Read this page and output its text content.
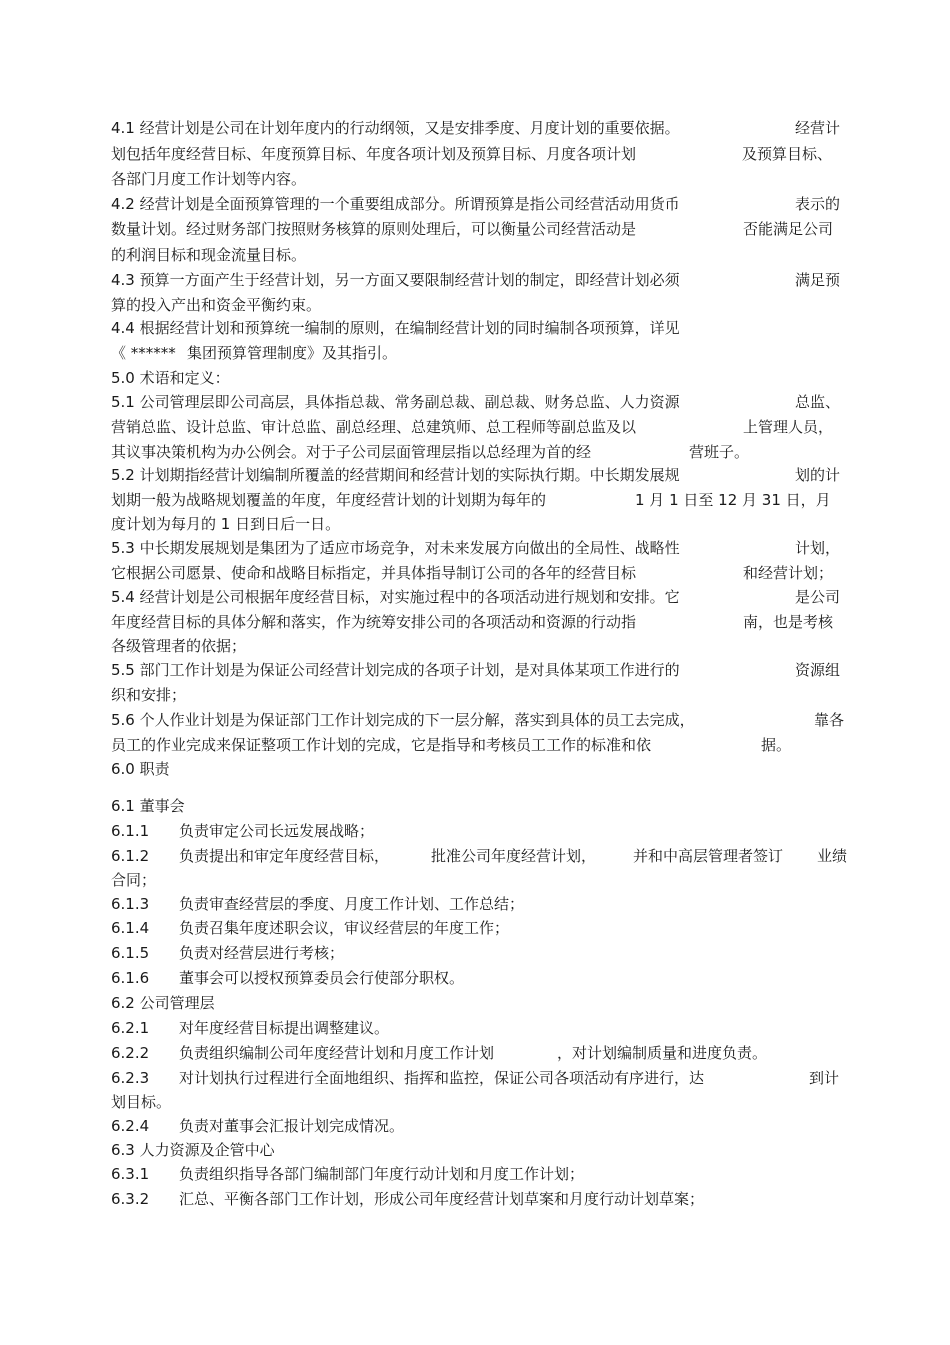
4.1 经营计划是公司在计划年度内的行动纲领，又是安排季度、月度计划的重要依据。	经营计
划包括年度经营目标、年度预算目标、年度各项计划及预算目标、月度各项计划	及预算目标、
各部门月度工作计划等内容。
4.2 经营计划是全面预算管理的一个重要组成部分。所谓预算是指公司经营活动用货币	表示的
数量计划。经过财务部门按照财务核算的原则处理后，可以衡量公司经营活动是	否能满足公司
的利润目标和现金流量目标。
4.3 预算一方面产生于经营计划，另一方面又要限制经营计划的制定，即经营计划必须	满足预
算的投入产出和资金平衡约束。
4.4 根据经营计划和预算统一编制的原则，在编制经营计划的同时编制各项预算，详见
《 ****** 集团预算管理制度》及其指引。
5.0 术语和定义：
5.1 公司管理层即公司高层，具体指总裁、常务副总裁、副总裁、财务总监、人力资源	总监、
营销总监、设计总监、审计总监、副总经理、总建筑师、总工程师等副总监及以	上管理人员，
其议事决策机构为办公例会。对于子公司层面管理层指以总经理为首的经	营班子。
5.2 计划期指经营计划编制所覆盖的经营期间和经营计划的实际执行期。中长期发展规	划的计
划期一般为战略规划覆盖的年度，年度经营计划的计划期为每年的	1 月 1 日至 12 月 31 日，月
度计划为每月的 1 日到日后一日。
5.3 中长期发展规划是集团为了适应市场竞争，对未来发展方向做出的全局性、战略性	计划，
它根据公司愿景、使命和战略目标指定，并具体指导制订公司的各年的经营目标	和经营计划；
5.4 经营计划是公司根据年度经营目标，对实施过程中的各项活动进行规划和安排。它	是公司
年度经营目标的具体分解和落实，作为统筹安排公司的各项活动和资源的行动指	南，也是考核
各级管理者的依据；
5.5 部门工作计划是为保证公司经营计划完成的各项子计划，是对具体某项工作进行的	资源组
织和安排；
5.6 个人作业计划是为保证部门工作计划完成的下一层分解，落实到具体的员工去完成，	靠各
员工的作业完成来保证整项工作计划的完成，它是指导和考核员工工作的标准和依	据。
6.0 职责
6.1 董事会
6.1.1 负责审定公司长远发展战略；
6.1.2 负责提出和审定年度经营目标，	批准公司年度经营计划， 并和中高层管理者签订 业绩
合同；
6.1.3 负责审查经营层的季度、月度工作计划、工作总结；
6.1.4 负责召集年度述职会议，审议经营层的年度工作；
6.1.5 负责对经营层进行考核；
6.1.6 董事会可以授权预算委员会行使部分职权。
6.2 公司管理层
6.2.1 对年度经营目标提出调整建议。
6.2.2 负责组织编制公司年度经营计划和月度工作计划	，对计划编制质量和进度负责。
6.2.3 对计划执行过程进行全面地组织、指挥和监控，保证公司各项活动有序进行，达	到计
划目标。
6.2.4 负责对董事会汇报计划完成情况。
6.3 人力资源及企管中心
6.3.1 负责组织指导各部门编制部门年度行动计划和月度工作计划；
6.3.2 汇总、平衡各部门工作计划，形成公司年度经营计划草案和月度行动计划草案；
